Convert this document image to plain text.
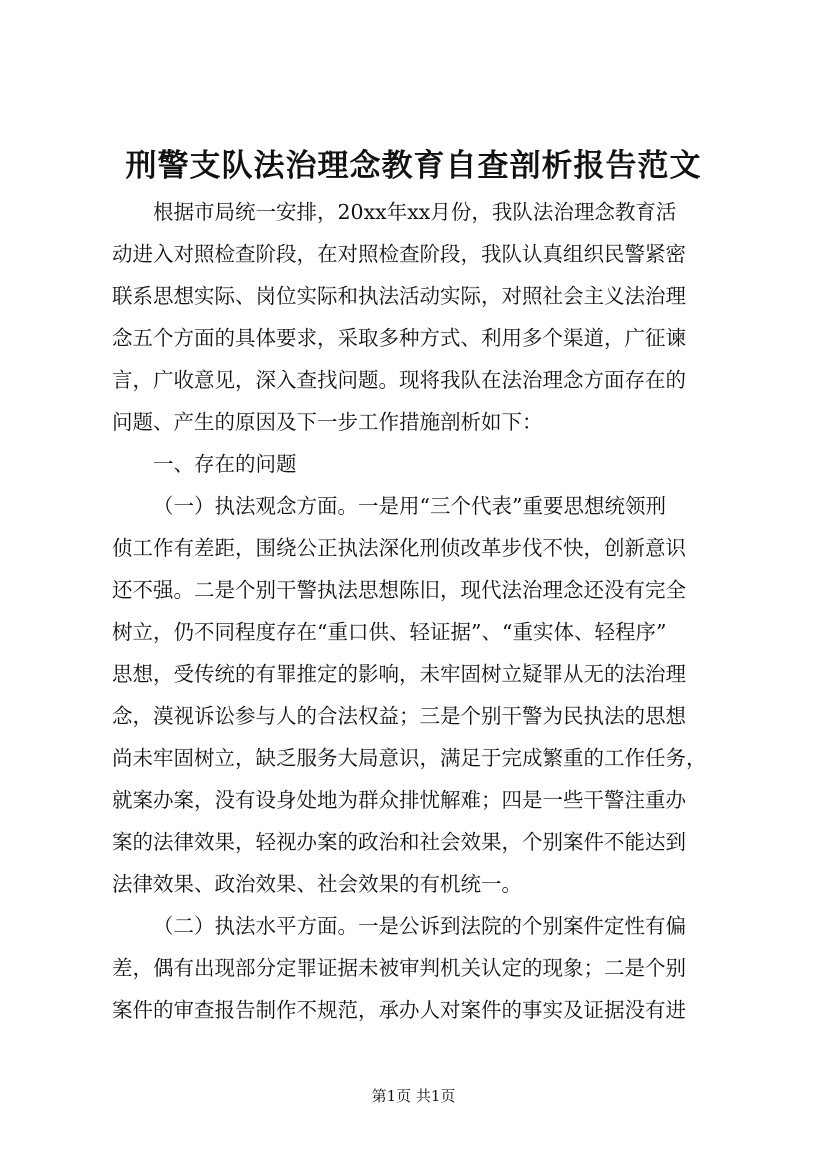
刑警支队法治理念教育自查剖析报告范文
根据市局统一安排，20xx年xx月份，我队法治理念教育活
动进入对照检查阶段，在对照检查阶段，我队认真组织民警紧密
联系思想实际、岗位实际和执法活动实际，对照社会主义法治理
念五个方面的具体要求，采取多种方式、利用多个渠道，广征谏
言，广收意见，深入查找问题。现将我队在法治理念方面存在的
问题、产生的原因及下一步工作措施剖析如下：
一、存在的问题
（一）执法观念方面。一是用“三个代表”重要思想统领刑
侦工作有差距，围绕公正执法深化刑侦改革步伐不快，创新意识
还不强。二是个别干警执法思想陈旧，现代法治理念还没有完全
树立，仍不同程度存在“重口供、轻证据”、“重实体、轻程序”
思想，受传统的有罪推定的影响，未牢固树立疑罪从无的法治理
念，漠视诉讼参与人的合法权益；三是个别干警为民执法的思想
尚未牢固树立，缺乏服务大局意识，满足于完成繁重的工作任务，
就案办案，没有设身处地为群众排忧解难；四是一些干警注重办
案的法律效果，轻视办案的政治和社会效果，个别案件不能达到
法律效果、政治效果、社会效果的有机统一。
（二）执法水平方面。一是公诉到法院的个别案件定性有偏
差，偶有出现部分定罪证据未被审判机关认定的现象；二是个别
案件的审查报告制作不规范，承办人对案件的事实及证据没有进
第1页 共1页
